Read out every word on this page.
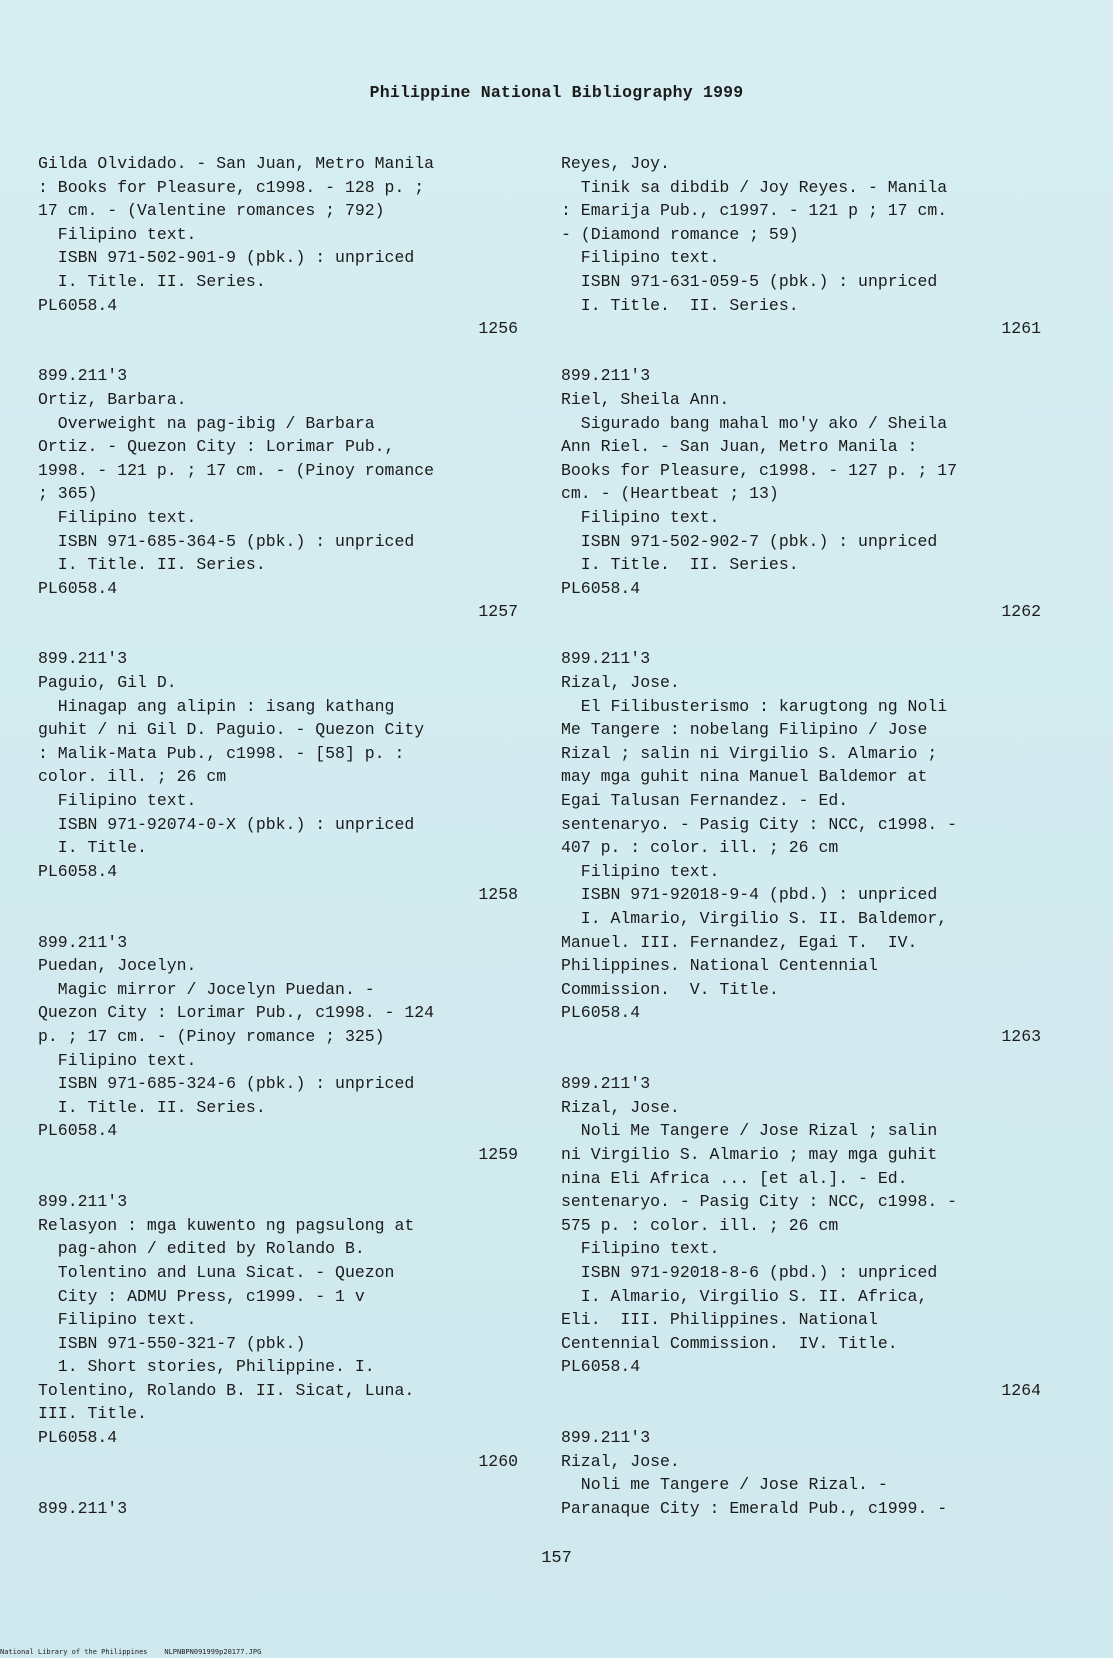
Philippine National Bibliography 1999
Gilda Olvidado. - San Juan, Metro Manila
: Books for Pleasure, c1998. - 128 p. ;
17 cm. - (Valentine romances ; 792)
Filipino text.
ISBN 971-502-901-9 (pbk.) : unpriced
I. Title. II. Series.
PL6058.4
1256
899.211'3
Ortiz, Barbara.
Overweight na pag-ibig / Barbara
Ortiz. - Quezon City : Lorimar Pub.,
1998. - 121 p. ; 17 cm. - (Pinoy romance
; 365)
Filipino text.
ISBN 971-685-364-5 (pbk.) : unpriced
I. Title. II. Series.
PL6058.4
1257
899.211'3
Paguio, Gil D.
Hinagap ang alipin : isang kathang
guhit / ni Gil D. Paguio. - Quezon City
: Malik-Mata Pub., c1998. - [58] p. :
color. ill. ; 26 cm
Filipino text.
ISBN 971-92074-0-X (pbk.) : unpriced
I. Title.
PL6058.4
1258
899.211'3
Puedan, Jocelyn.
Magic mirror / Jocelyn Puedan. -
Quezon City : Lorimar Pub., c1998. - 124
p. ; 17 cm. - (Pinoy romance ; 325)
Filipino text.
ISBN 971-685-324-6 (pbk.) : unpriced
I. Title. II. Series.
PL6058.4
1259
899.211'3
Relasyon : mga kuwento ng pagsulong at
pag-ahon / edited by Rolando B.
Tolentino and Luna Sicat. - Quezon
City : ADMU Press, c1999. - 1 v
Filipino text.
ISBN 971-550-321-7 (pbk.)
1. Short stories, Philippine. I.
Tolentino, Rolando B. II. Sicat, Luna.
III. Title.
PL6058.4
1260
899.211'3
Reyes, Joy.
Tinik sa dibdib / Joy Reyes. - Manila
: Emarija Pub., c1997. - 121 p ; 17 cm.
- (Diamond romance ; 59)
Filipino text.
ISBN 971-631-059-5 (pbk.) : unpriced
I. Title.  II. Series.
1261
899.211'3
Riel, Sheila Ann.
Sigurado bang mahal mo'y ako / Sheila
Ann Riel. - San Juan, Metro Manila :
Books for Pleasure, c1998. - 127 p. ; 17
cm. - (Heartbeat ; 13)
Filipino text.
ISBN 971-502-902-7 (pbk.) : unpriced
I. Title.  II. Series.
PL6058.4
1262
899.211'3
Rizal, Jose.
El Filibusterismo : karugtong ng Noli
Me Tangere : nobelang Filipino / Jose
Rizal ; salin ni Virgilio S. Almario ;
may mga guhit nina Manuel Baldemor at
Egai Talusan Fernandez. - Ed.
sentenaryo. - Pasig City : NCC, c1998. -
407 p. : color. ill. ; 26 cm
Filipino text.
ISBN 971-92018-9-4 (pbd.) : unpriced
I. Almario, Virgilio S. II. Baldemor,
Manuel. III. Fernandez, Egai T.  IV.
Philippines. National Centennial
Commission.  V. Title.
PL6058.4
1263
899.211'3
Rizal, Jose.
Noli Me Tangere / Jose Rizal ; salin
ni Virgilio S. Almario ; may mga guhit
nina Eli Africa ... [et al.]. - Ed.
sentenaryo. - Pasig City : NCC, c1998. -
575 p. : color. ill. ; 26 cm
Filipino text.
ISBN 971-92018-8-6 (pbd.) : unpriced
I. Almario, Virgilio S. II. Africa,
Eli.  III. Philippines. National
Centennial Commission.  IV. Title.
PL6058.4
1264
899.211'3
Rizal, Jose.
Noli me Tangere / Jose Rizal. -
Paranaque City : Emerald Pub., c1999. -
157
National Library of the Philippines    NLPNBPN091999p20177.JPG
